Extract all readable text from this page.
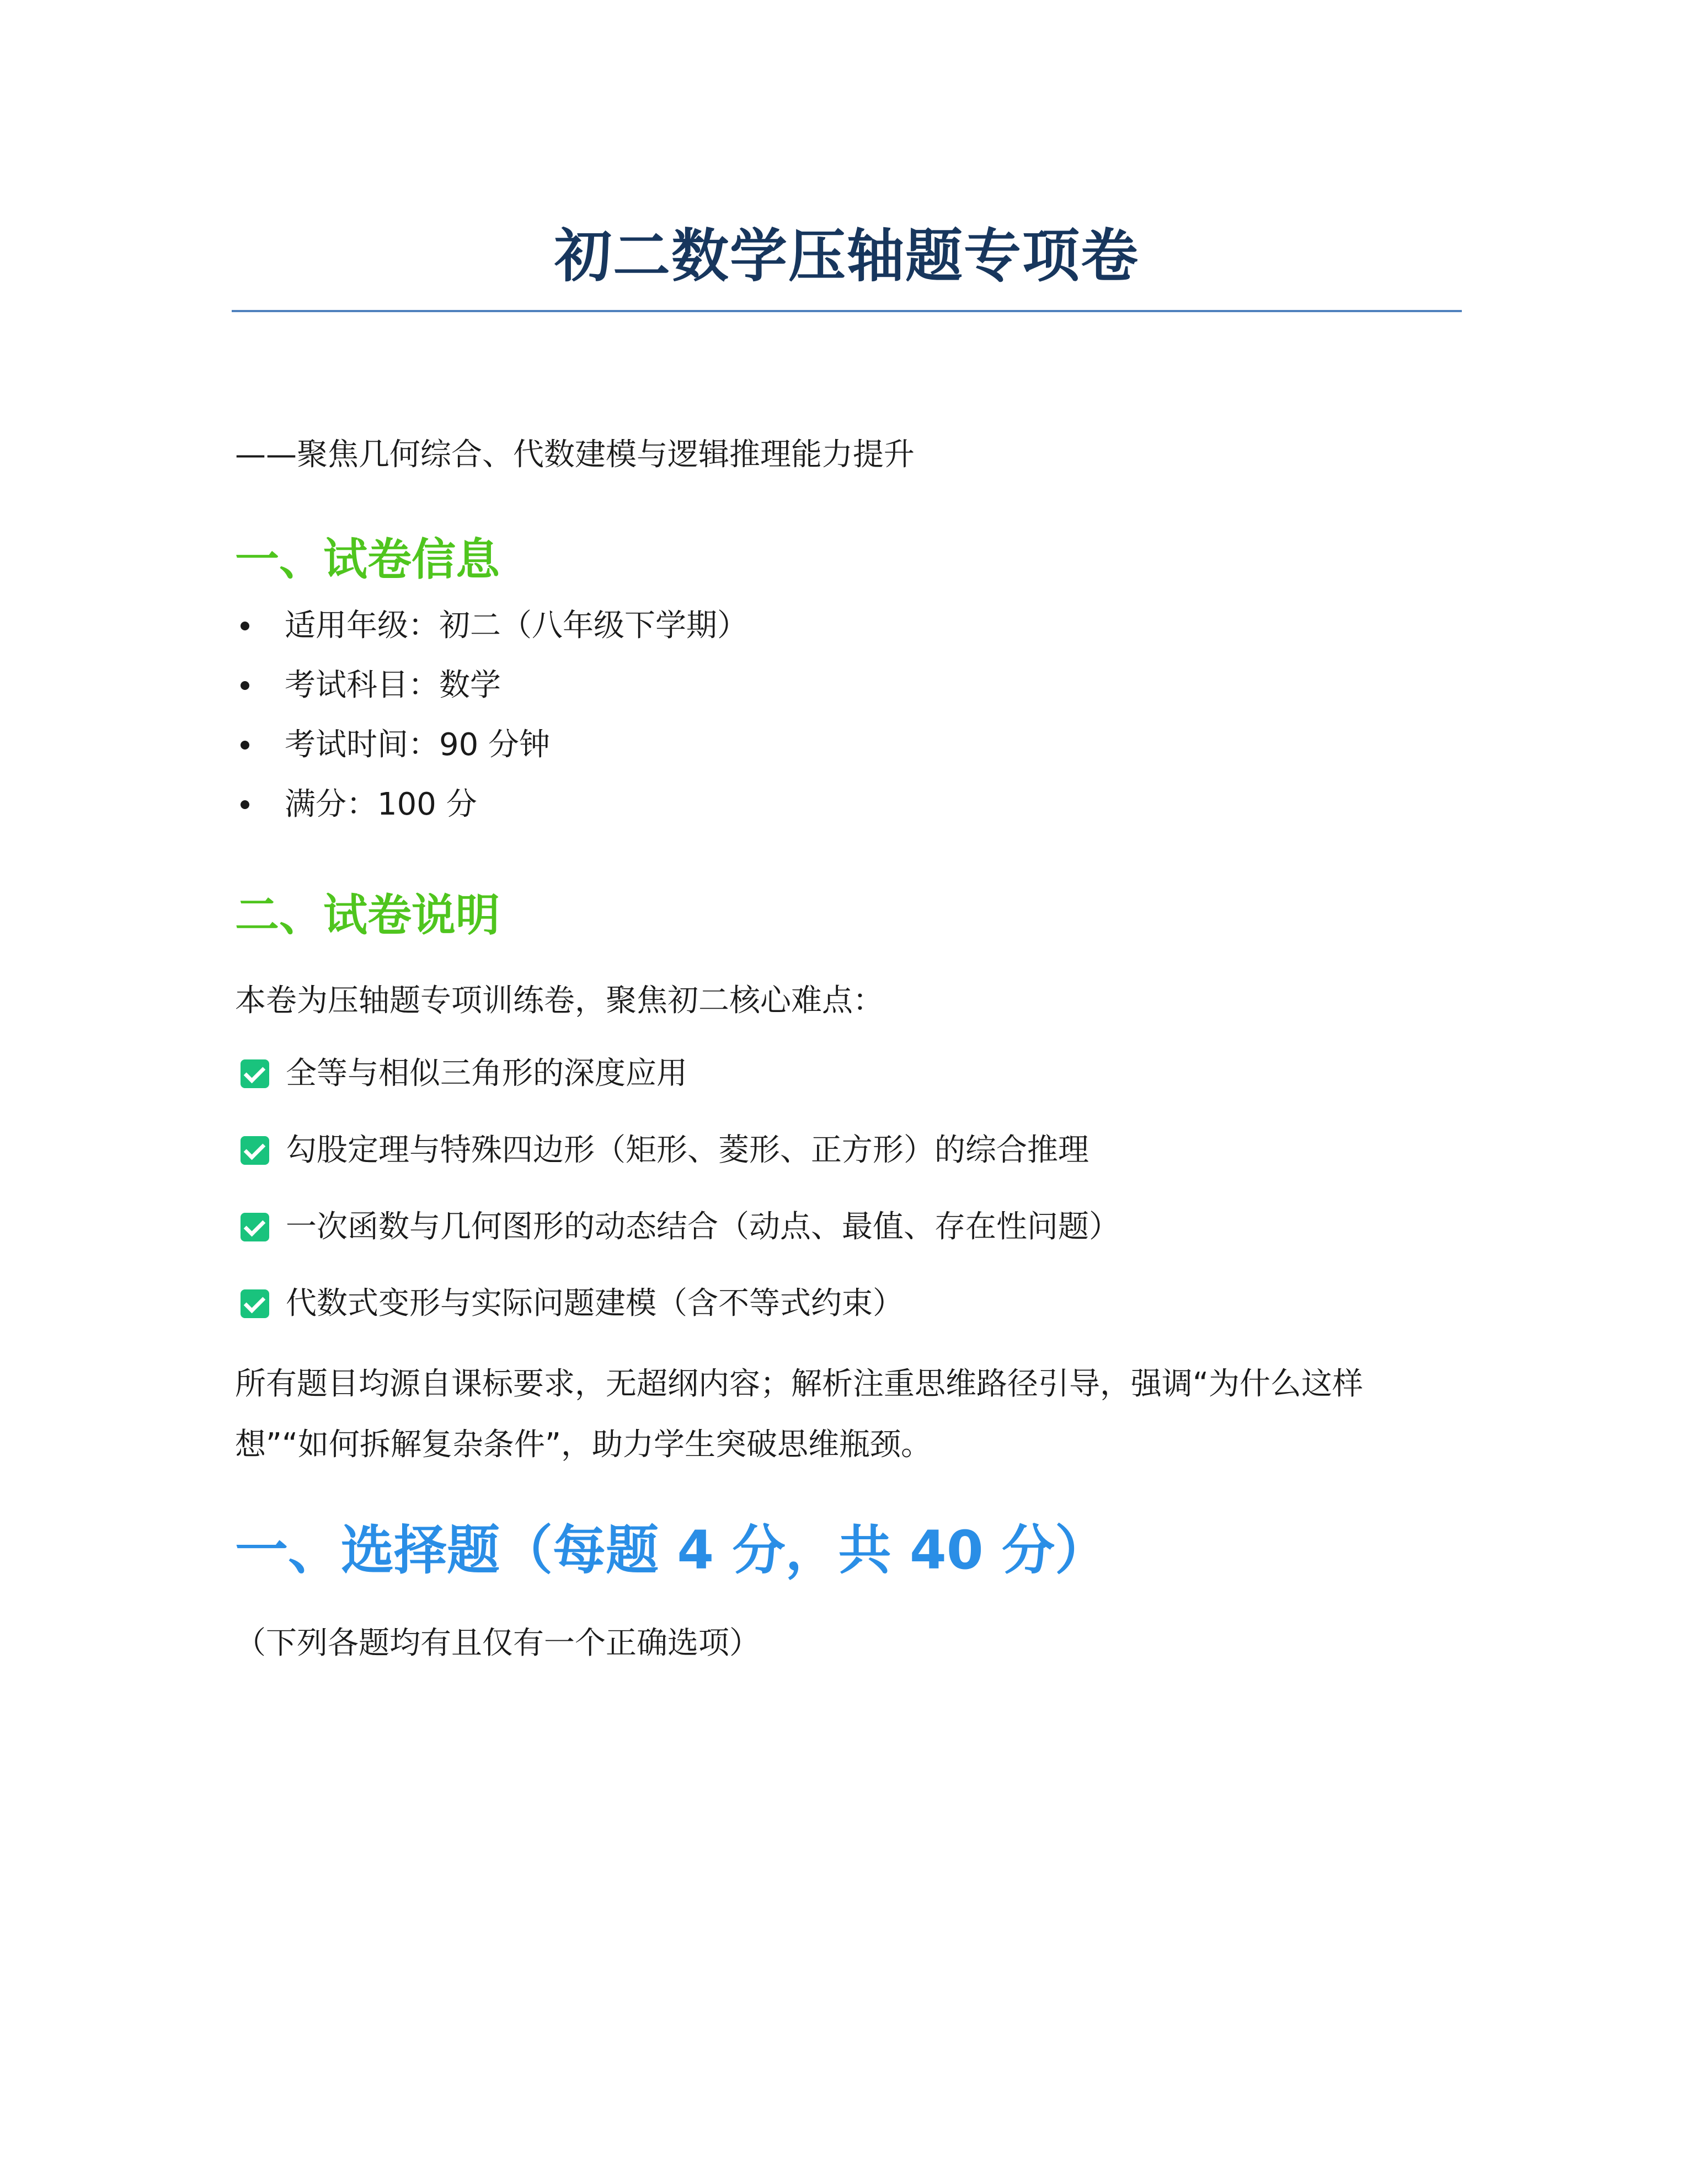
初二数学压轴题专项卷
——聚焦几何综合、代数建模与逻辑推理能力提升
一、试卷信息
适用年级：初二（八年级下学期）
考试科目：数学
考试时间：90 分钟
满分：100 分
二、试卷说明
本卷为压轴题专项训练卷，聚焦初二核心难点：
全等与相似三角形的深度应用
勾股定理与特殊四边形（矩形、菱形、正方形）的综合推理
一次函数与几何图形的动态结合（动点、最值、存在性问题）
代数式变形与实际问题建模（含不等式约束）
所有题目均源自课标要求，无超纲内容；解析注重思维路径引导，强调“为什么这样想”“如何拆解复杂条件”，助力学生突破思维瓶颈。
一、选择题（每题 4 分，共 40 分）
（下列各题均有且仅有一个正确选项）
